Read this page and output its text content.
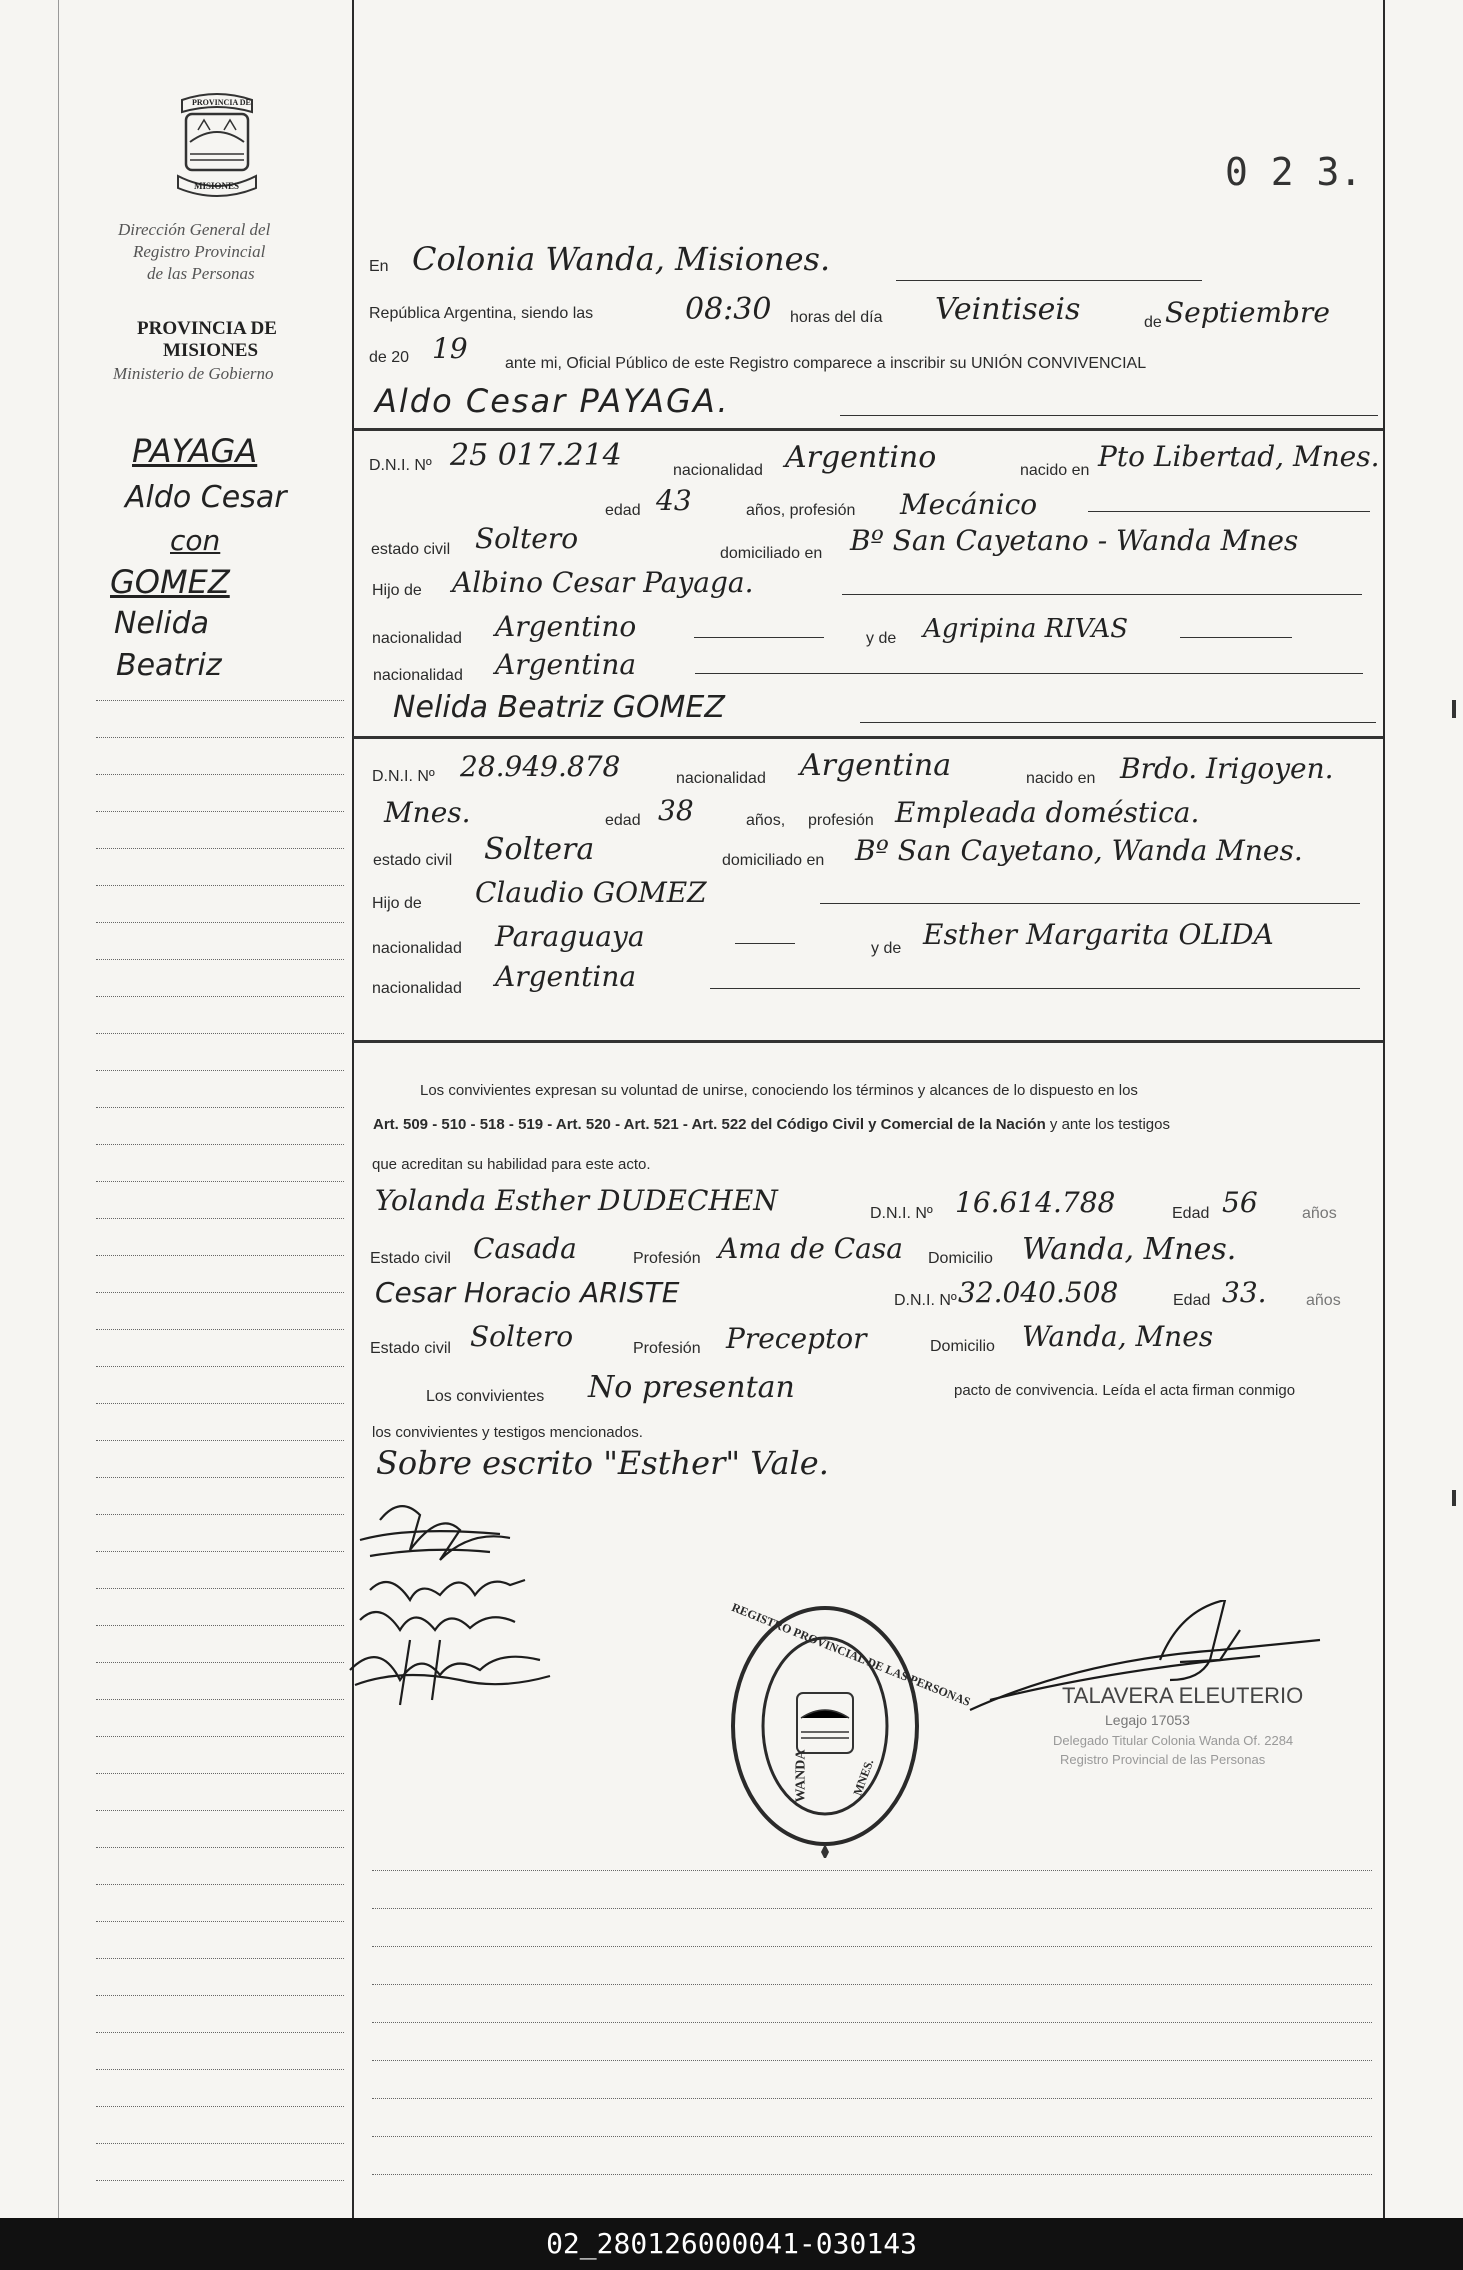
PROVINCIA DE
MISIONES
Dirección General del
Registro Provincial
de las Personas
PROVINCIA DE
MISIONES
Ministerio de Gobierno
0 2 3.
PAYAGA
Aldo Cesar
con
GOMEZ
Nelida
Beatriz
En Colonia Wanda, Misiones.
República Argentina, siendo las	08:30 horas del día Veintiseis	de Septiembre
de 20 19 ante mi, Oficial Público de este Registro comparece a inscribir su UNIÓN CONVIVENCIAL
Aldo Cesar PAYAGA.
D.N.I. Nº 25 017.214	nacionalidad Argentino	nacido en Pto Libertad, Mnes.
edad 43	años, profesión Mecánico
estado civil Soltero	domiciliado en Bº San Cayetano - Wanda Mnes
Hijo de Albino Cesar Payaga.
nacionalidad Argentino	y de Agripina RIVAS
nacionalidad Argentina
Nelida Beatriz GOMEZ
D.N.I. Nº 28.949.878	nacionalidad Argentina	nacido en Brdo. Irigoyen.
Mnes.	edad 38	años, profesión Empleada doméstica.
estado civil Soltera	domiciliado en Bº San Cayetano, Wanda Mnes.
Hijo de Claudio GOMEZ
nacionalidad Paraguaya	y de Esther Margarita OLIDA
nacionalidad Argentina
Los convivientes expresan su voluntad de unirse, conociendo los términos y alcances de lo dispuesto en los
Art. 509 - 510 - 518 - 519 - Art. 520 - Art. 521 - Art. 522 del Código Civil y Comercial de la Nación y ante los testigos
que acreditan su habilidad para este acto.
Yolanda Esther DUDECHEN	D.N.I. Nº 16.614.788	Edad 56	años
Estado civil Casada	Profesión Ama de Casa Domicilio Wanda, Mnes.
Cesar Horacio ARISTE	D.N.I. Nº 32.040.508	Edad 33. años
Estado civil Soltero	Profesión Preceptor	Domicilio Wanda, Mnes
Los convivientes No presentan	pacto de convivencia. Leída el acta firman conmigo
los convivientes y testigos mencionados.
Sobre escrito "Esther" Vale.
REGISTRO PROVINCIAL DE LAS PERSONAS
WANDA	MNES.
TALAVERA ELEUTERIO
Legajo 17053
Delegado Titular Colonia Wanda Of. 2284
Registro Provincial de las Personas
02_280126000041-030143
